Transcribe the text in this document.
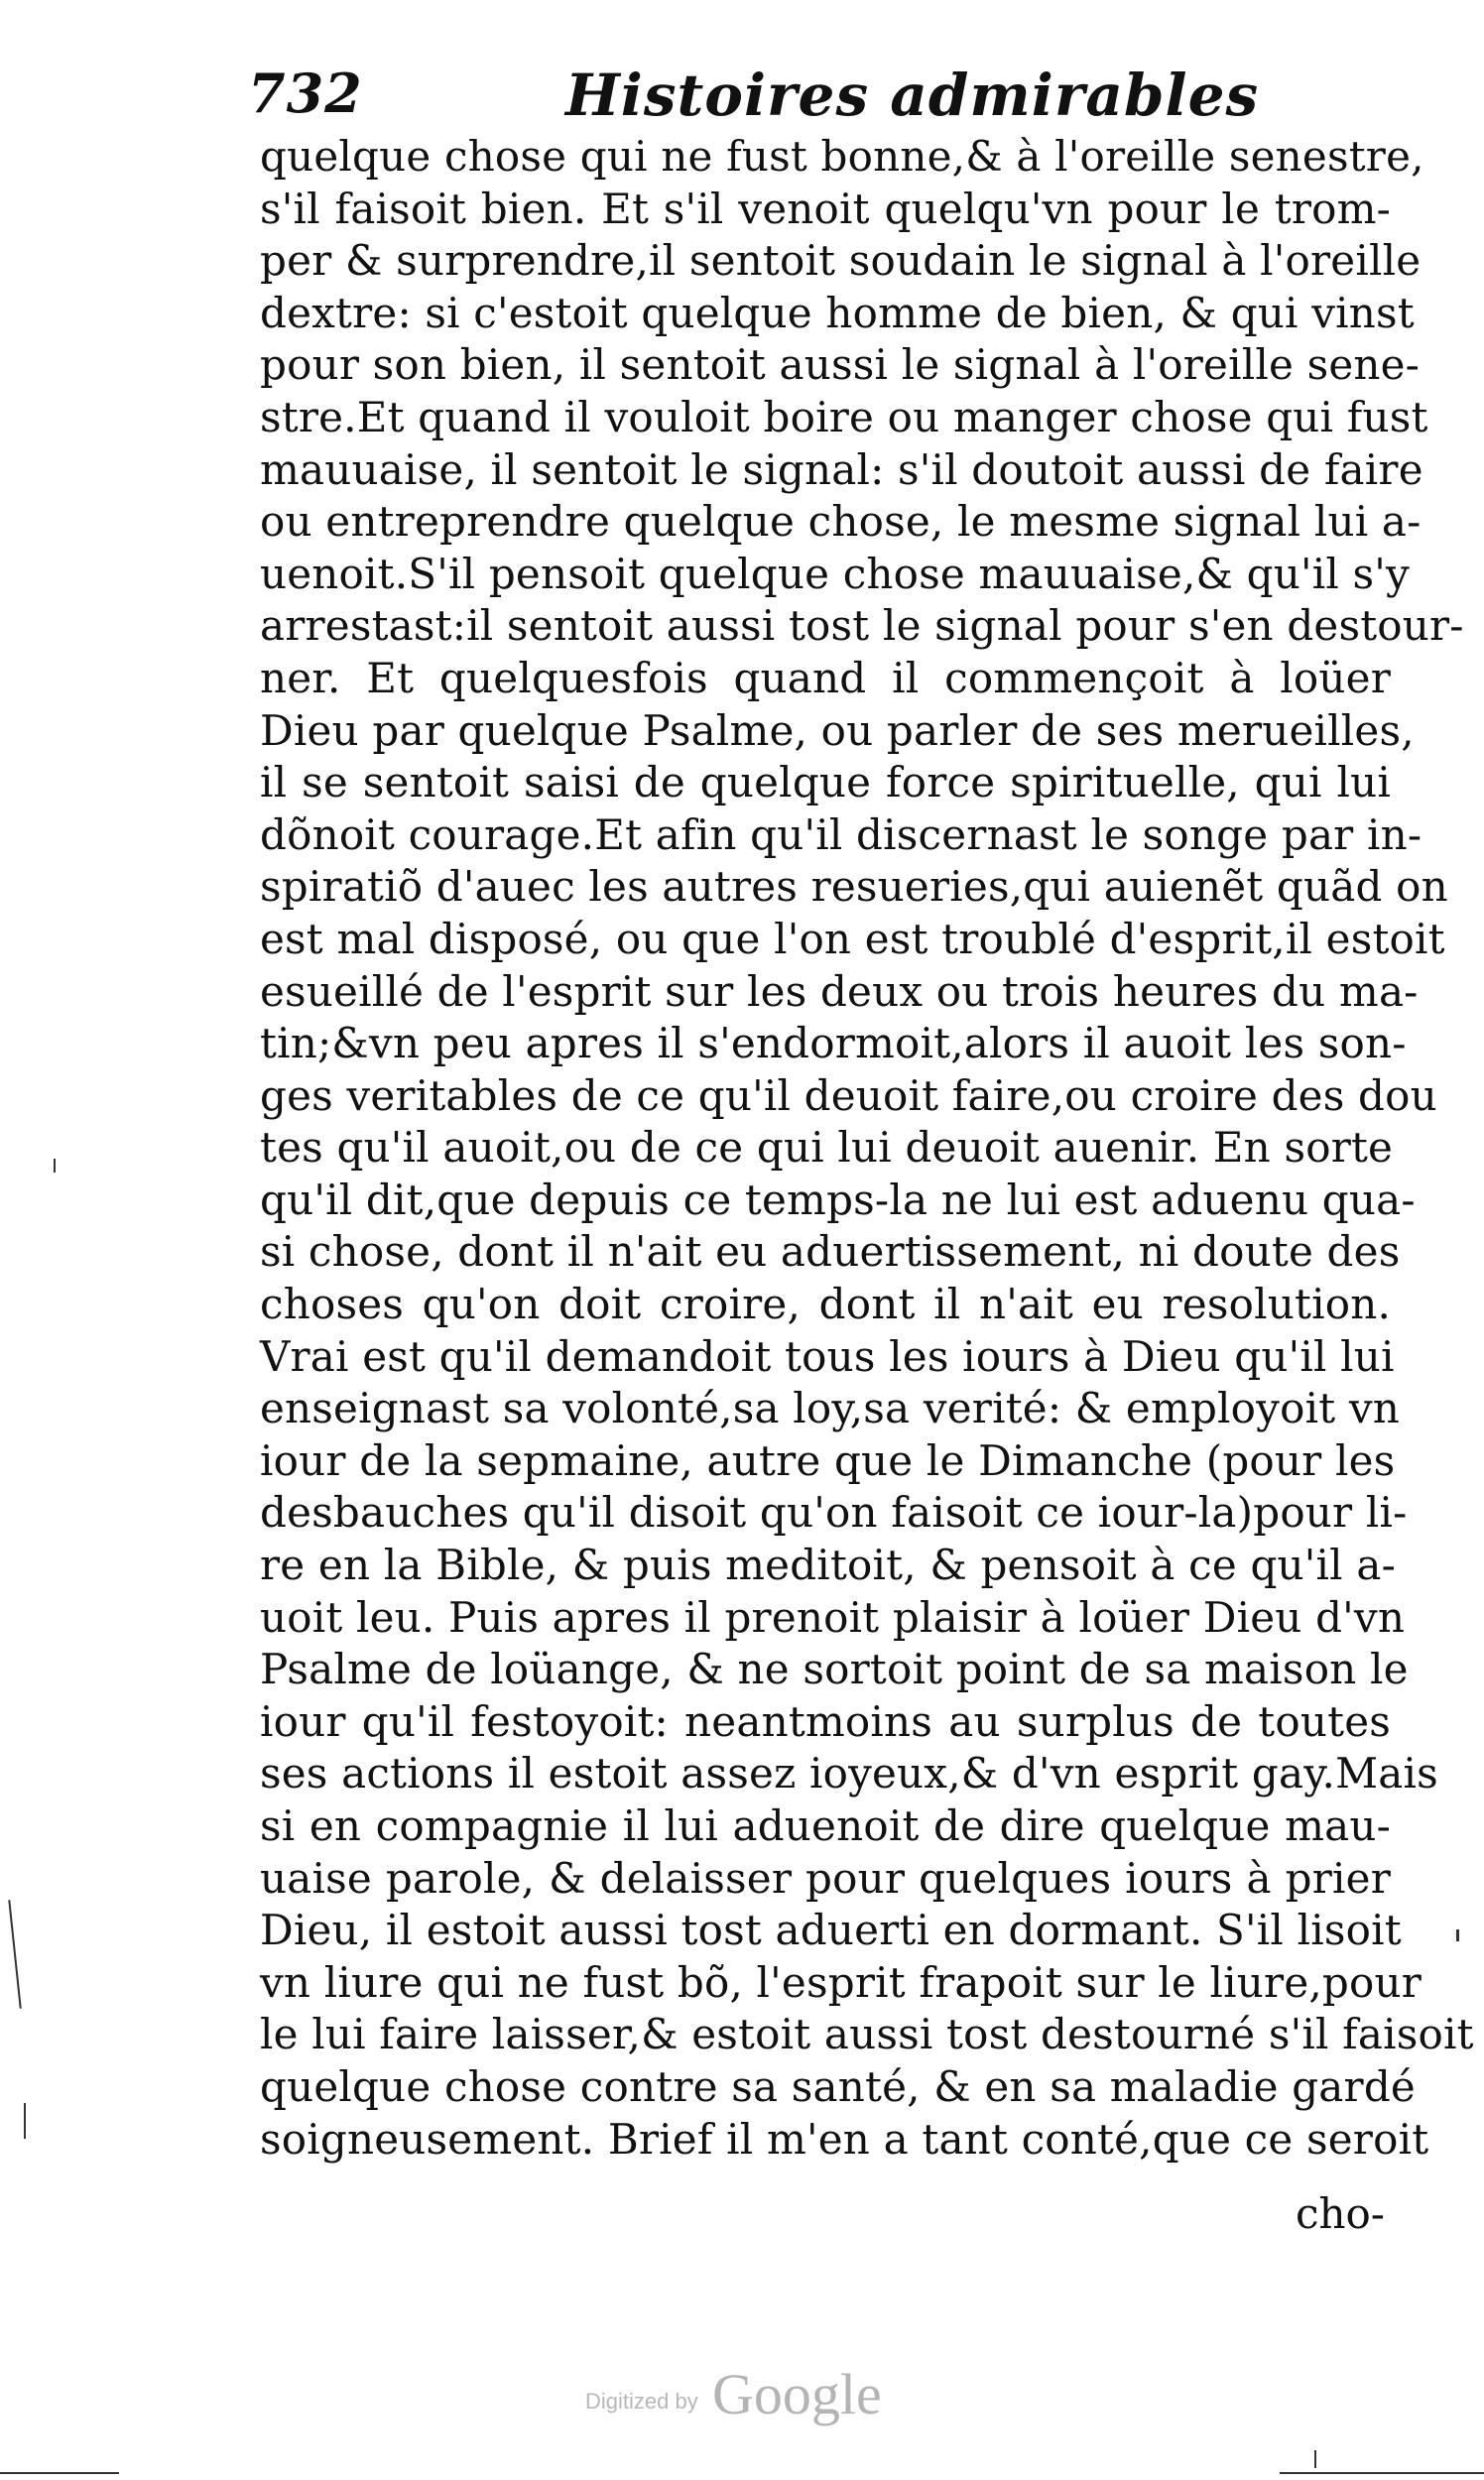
732	Histoires admirables
quelque chose qui ne fust bonne,& à l'oreille senestre,
s'il faisoit bien. Et s'il venoit quelqu'vn pour le trom-
per & surprendre,il sentoit soudain le signal à l'oreille
dextre: si c'estoit quelque homme de bien, & qui vinst
pour son bien, il sentoit aussi le signal à l'oreille sene-
stre.Et quand il vouloit boire ou manger chose qui fust
mauuaise, il sentoit le signal: s'il doutoit aussi de faire
ou entreprendre quelque chose, le mesme signal lui a-
uenoit.S'il pensoit quelque chose mauuaise,& qu'il s'y
arrestast:il sentoit aussi tost le signal pour s'en destour-
ner. Et quelquesfois quand il commençoit à loüer
Dieu par quelque Psalme, ou parler de ses merueilles,
il se sentoit saisi de quelque force spirituelle, qui lui
dõnoit courage.Et afin qu'il discernast le songe par in-
spiratiõ d'auec les autres resueries,qui auienẽt quãd on
est mal disposé, ou que l'on est troublé d'esprit,il estoit
esueillé de l'esprit sur les deux ou trois heures du ma-
tin;&vn peu apres il s'endormoit,alors il auoit les son-
ges veritables de ce qu'il deuoit faire,ou croire des dou
tes qu'il auoit,ou de ce qui lui deuoit auenir. En sorte
qu'il dit,que depuis ce temps-la ne lui est aduenu qua-
si chose, dont il n'ait eu aduertissement, ni doute des
choses qu'on doit croire, dont il n'ait eu resolution.
Vrai est qu'il demandoit tous les iours à Dieu qu'il lui
enseignast sa volonté,sa loy,sa verité: & employoit vn
iour de la sepmaine, autre que le Dimanche (pour les
desbauches qu'il disoit qu'on faisoit ce iour-la)pour li-
re en la Bible, & puis meditoit, & pensoit à ce qu'il a-
uoit leu. Puis apres il prenoit plaisir à loüer Dieu d'vn
Psalme de loüange, & ne sortoit point de sa maison le
iour qu'il festoyoit: neantmoins au surplus de toutes
ses actions il estoit assez ioyeux,& d'vn esprit gay.Mais
si en compagnie il lui aduenoit de dire quelque mau-
uaise parole, & delaisser pour quelques iours à prier
Dieu, il estoit aussi tost aduerti en dormant. S'il lisoit
vn liure qui ne fust bõ, l'esprit frapoit sur le liure,pour
le lui faire laisser,& estoit aussi tost destourné s'il faisoit
quelque chose contre sa santé, & en sa maladie gardé
soigneusement. Brief il m'en a tant conté,que ce seroit
cho-
Digitized by Google
